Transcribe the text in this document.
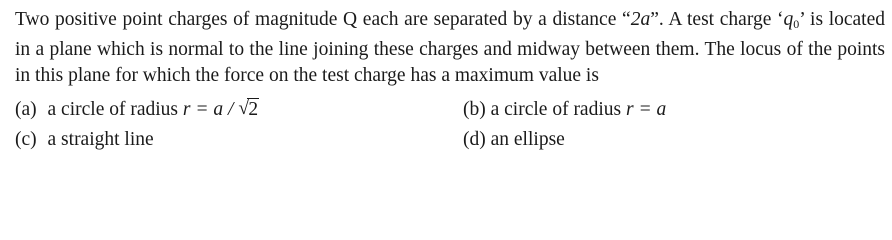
Two positive point charges of magnitude Q each are separated by a distance “2a”. A test charge ‘$q_0$’ is located in a plane which is normal to the line joining these charges and midway between them. The locus of the points in this plane for which the force on the test charge has a maximum value is
(a) a circle of radius r = a / √ 2	(b) a circle of radius r = a
(c) a straight line	(d) an ellipse
